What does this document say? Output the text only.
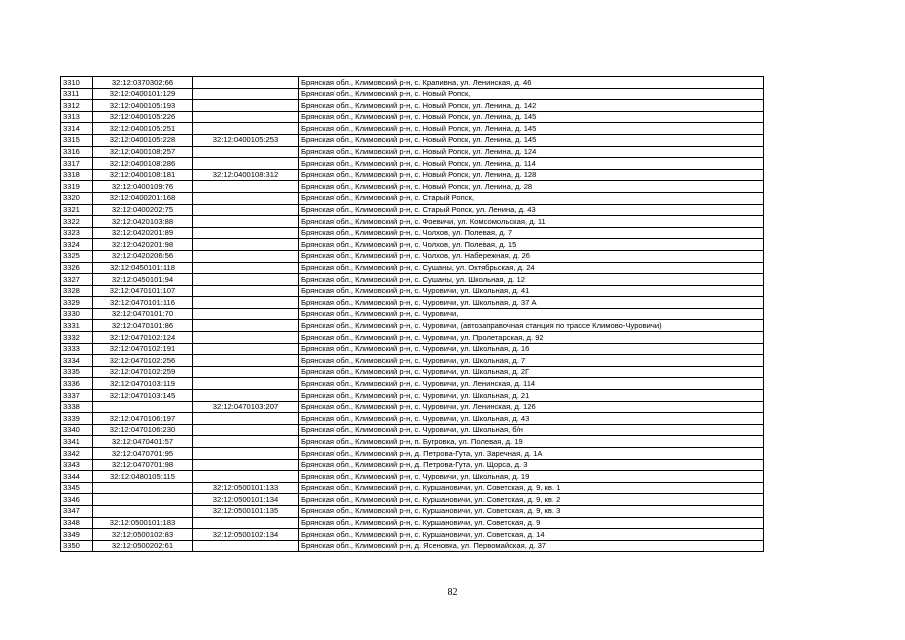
3310	32:12:0370302:66		Брянская обл., Климовский р-н, с. Крапивна, ул. Ленинская, д. 46
3311	32:12:0400101:129		Брянская обл., Климовский р-н, с. Новый Ропск,
3312	32:12:0400105:193		Брянская обл., Климовский р-н, с. Новый Ропск, ул. Ленина, д. 142
3313	32:12:0400105:226		Брянская обл., Климовский р-н, с. Новый Ропск, ул. Ленина, д. 145
3314	32:12:0400105:251		Брянская обл., Климовский р-н, с. Новый Ропск, ул. Ленина, д. 145
3315	32:12:0400105:228	32:12:0400105:253	Брянская обл., Климовский р-н, с. Новый Ропск, ул. Ленина, д. 145
3316	32:12:0400108:257		Брянская обл., Климовский р-н, с. Новый Ропск, ул. Ленина, д. 124
3317	32:12:0400108:286		Брянская обл., Климовский р-н, с. Новый Ропск, ул. Ленина, д. 114
3318	32:12:0400108:181	32:12:0400108:312	Брянская обл., Климовский р-н, с. Новый Ропск, ул. Ленина, д. 128
3319	32:12:0400109:76		Брянская обл., Климовский р-н, с. Новый Ропск, ул. Ленина, д. 28
3320	32:12:0400201:168		Брянская обл., Климовский р-н, с. Старый Ропск,
3321	32:12:0400202:75		Брянская обл., Климовский р-н, с. Старый Ропск, ул. Ленина, д. 43
3322	32:12:0420103:88		Брянская обл., Климовский р-н, с. Фоевичи, ул. Комсомольская, д. 11
3323	32:12:0420201:89		Брянская обл., Климовский р-н, с. Чолхов, ул. Полевая, д. 7
3324	32:12:0420201:98		Брянская обл., Климовский р-н, с. Чолхов, ул. Полевая, д. 15
3325	32:12:0420206:56		Брянская обл., Климовский р-н, с. Чолхов, ул. Набережная, д. 26
3326	32:12:0450101:118		Брянская обл., Климовский р-н, с. Сушаны, ул. Октябрьская, д. 24
3327	32:12:0450101:94		Брянская обл., Климовский р-н, с. Сушаны, ул. Школьная, д. 12
3328	32:12:0470101:107		Брянская обл., Климовский р-н, с. Чуровичи, ул. Школьная, д. 41
3329	32:12:0470101:116		Брянская обл., Климовский р-н, с. Чуровичи, ул. Школьная, д. 37 А
3330	32:12:0470101:70		Брянская обл., Климовский р-н, с. Чуровичи,
3331	32:12:0470101:86		Брянская обл., Климовский р-н, с. Чуровичи, (автозаправочная станция по трассе Климово-Чуровичи)
3332	32:12:0470102:124		Брянская обл., Климовский р-н, с. Чуровичи, ул. Пролетарская, д. 92
3333	32:12:0470102:191		Брянская обл., Климовский р-н, с. Чуровичи, ул. Школьная, д. 16
3334	32:12:0470102:256		Брянская обл., Климовский р-н, с. Чуровичи, ул. Школьная, д. 7
3335	32:12:0470102:259		Брянская обл., Климовский р-н, с. Чуровичи, ул. Школьная, д. 2Г
3336	32:12:0470103:119		Брянская обл., Климовский р-н, с. Чуровичи, ул. Ленинская, д. 114
3337	32:12:0470103:145		Брянская обл., Климовский р-н, с. Чуровичи, ул. Школьная, д. 21
3338		32:12:0470103:207	Брянская обл., Климовский р-н, с. Чуровичи, ул. Ленинская, д. 126
3339	32:12:0470106:197		Брянская обл., Климовский р-н, с. Чуровичи, ул. Школьная, д. 43
3340	32:12:0470106:230		Брянская обл., Климовский р-н, с. Чуровичи, ул. Школьная, б/н
3341	32:12:0470401:57		Брянская обл., Климовский р-н, п. Бугровка, ул. Полевая, д. 19
3342	32:12:0470701:95		Брянская обл., Климовский р-н, д. Петрова-Гута, ул. Заречная, д. 1А
3343	32:12:0470701:98		Брянская обл., Климовский р-н, д. Петрова-Гута, ул. Щорса, д. 3
3344	32:12:0480105:115		Брянская обл., Климовский р-н, с. Чуровичи, ул. Школьная, д. 19
3345		32:12:0500101:133	Брянская обл., Климовский р-н, с. Куршановичи, ул. Советская, д. 9, кв. 1
3346		32:12:0500101:134	Брянская обл., Климовский р-н, с. Куршановичи, ул. Советская, д. 9, кв. 2
3347		32:12:0500101:135	Брянская обл., Климовский р-н, с. Куршановичи, ул. Советская, д. 9, кв. 3
3348	32:12:0500101:183		Брянская обл., Климовский р-н, с. Куршановичи, ул. Советская, д. 9
3349	32:12:0500102:83	32:12:0500102:134	Брянская обл., Климовский р-н, с. Куршановичи, ул. Советская, д. 14
3350	32:12:0500202:61		Брянская обл., Климовский р-н, д. Ясеновка, ул. Первомайская, д. 37
82
